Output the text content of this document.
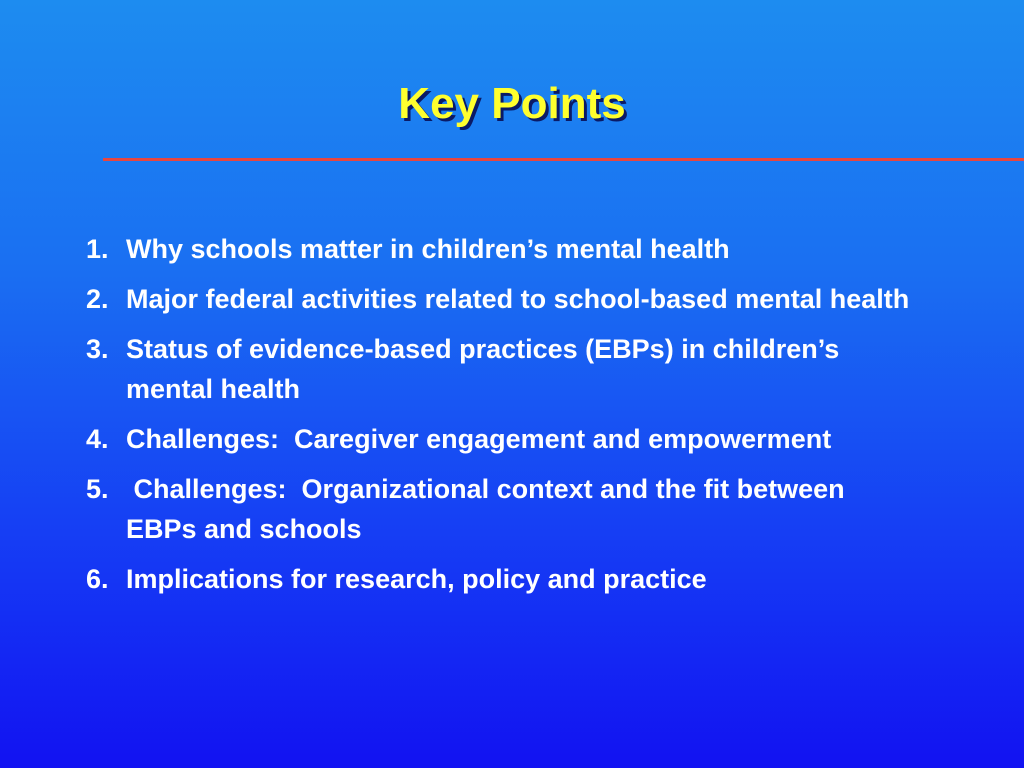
Key Points
1. Why schools matter in children’s mental health
2. Major federal activities related to school-based mental health
3. Status of evidence-based practices (EBPs) in children’s mental health
4. Challenges:  Caregiver engagement and empowerment
5. Challenges:  Organizational context and the fit between EBPs and schools
6. Implications for research, policy and practice
